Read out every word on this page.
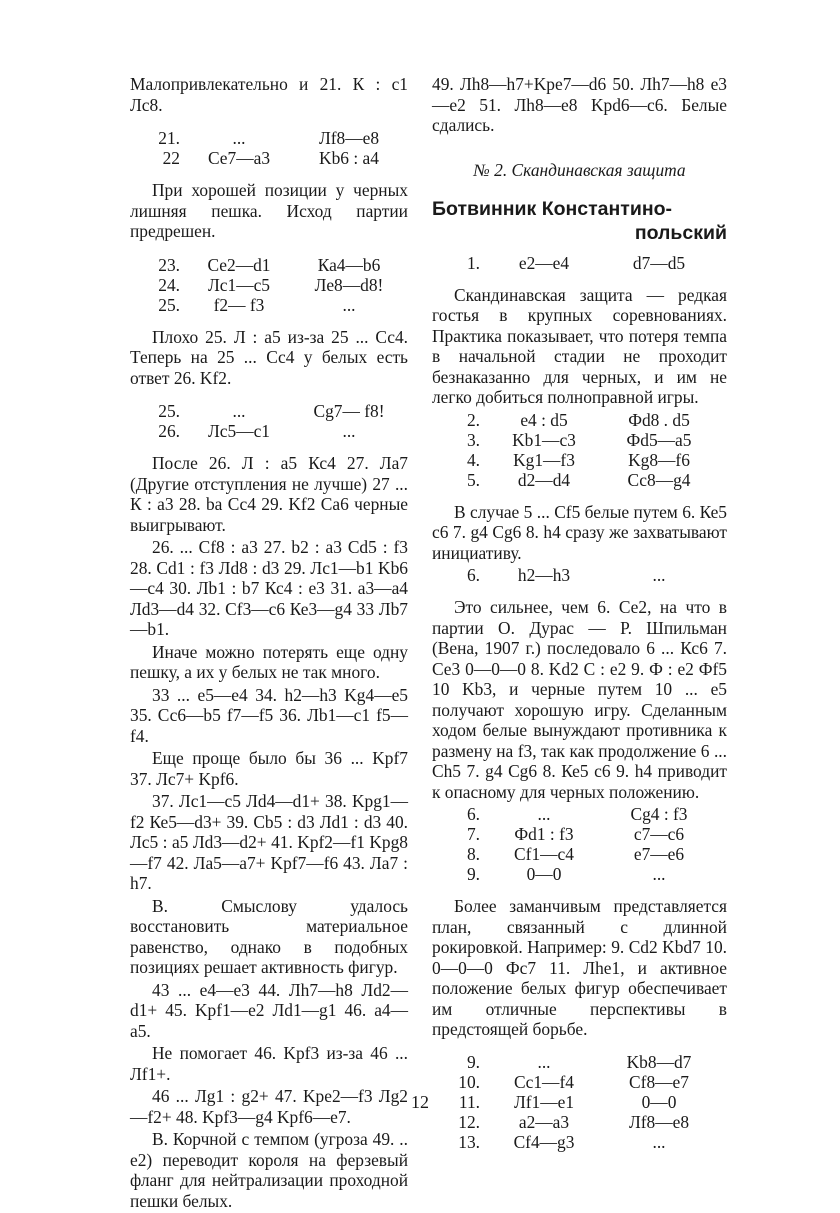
Малопривлекательно и 21. К : c1 Лс8.

21.	...	Лf8—e8
22	Се7—a3	Kb6 : a4

При хорошей позиции у черных лишняя пешка. Исход партии предрешен.

23.	Се2—d1	Ка4—b6
24.	Лc1—c5	Ле8—d8!
25.	f2— f3	...

Плохо 25. Л : a5 из-за 25 ... Сс4. Теперь на 25 ... Сс4 у белых есть ответ 26. Kf2.

25.	...	Cg7— f8!
26.	Лс5—c1	...

После 26. Л : a5 Кс4 27. Ла7 (Другие отступления не лучше) 27 ... К : a3 28. ba Сс4 29. Kf2 Са6 черные выигрывают.

26. ... Cf8 : a3 27. b2 : a3 Cd5 : f3 28. Cd1 : f3 Лd8 : d3 29. Лс1—b1 Kb6—c4 30. Лb1 : b7 Кс4 : e3 31. a3—a4 Лd3—d4 32. Cf3—c6 Ке3—g4 33 Лb7—b1.

Иначе можно потерять еще одну пешку, а их у белых не так много.

33 ... e5—e4 34. h2—h3 Kg4—e5 35. Сс6—b5 f7—f5 36. Лb1—c1 f5—f4.

Еще проще было бы 36 ... Kpf7 37. Лс7+ Kpf6.

37. Лс1—c5 Лd4—d1+ 38. Kpg1—f2 Ке5—d3+ 39. Cb5 : d3 Лd1 : d3 40. Лс5 : a5 Лd3—d2+ 41. Kpf2—f1 Kpg8—f7 42. Ла5—a7+ Kpf7—f6 43. Ла7 : h7.

В. Смыслову удалось восстановить материальное равенство, однако в подобных позициях решает активность фигур.

43 ... e4—e3 44. Лh7—h8 Лd2—d1+ 45. Kpf1—e2 Лd1—g1 46. a4—a5.

Не помогает 46. Kpf3 из-за 46 ... Лf1+.

46 ... Лg1 : g2+ 47. Kpe2—f3 Лg2—f2+ 48. Kpf3—g4 Kpf6—e7.

В. Корчной с темпом (угроза 49. .. e2) переводит короля на ферзевый фланг для нейтрализации проходной пешки белых.

49. Лh8—h7+Kpe7—d6 50. Лh7—h8 e3—e2 51. Лh8—e8 Kpd6—c6. Белые сдались.

№ 2. Скандинавская защита
Ботвинник Константино-
польский
1.	e2—e4	d7—d5

Скандинавская защита — редкая гостья в крупных соревнованиях. Практика показывает, что потеря темпа в начальной стадии не проходит безнаказанно для черных, и им не легко добиться полноправной игры.

2.	e4 : d5	Фd8 . d5
3.	Kb1—c3	Фd5—a5
4.	Kg1—f3	Kg8—f6
5.	d2—d4	Сс8—g4

В случае 5 ... Cf5 белые путем 6. Ке5 с6 7. g4 Cg6 8. h4 сразу же захватывают инициативу.

6.	h2—h3	...

Это сильнее, чем 6. Се2, на что в партии О. Дурас — Р. Шпильман (Вена, 1907 г.) последовало 6 ... Кс6 7. Се3 0—0—0 8. Kd2 С : e2 9. Ф : e2 Фf5 10 Kb3, и черные путем 10 ... e5 получают хорошую игру. Сделанным ходом белые вынуждают противника к размену на f3, так как продолжение 6 ... Ch5 7. g4 Cg6 8. Ке5 с6 9. h4 приводит к опасному для черных положению.

6.	...	Cg4 : f3
7.	Фd1 : f3	c7—c6
8.	Cf1—c4	e7—e6
9.	0—0	...

Более заманчивым представляется план, связанный с длинной рокировкой. Например: 9. Cd2 Kbd7 10. 0—0—0 Фс7 11. Лhe1, и активное положение белых фигур обеспечивает им отличные перспективы в предстоящей борьбе.

9.	...	Kb8—d7
10.	Cc1—f4	Cf8—e7
11.	Лf1—e1	0—0
12.	a2—a3	Лf8—e8
13.	Cf4—g3	...
12
